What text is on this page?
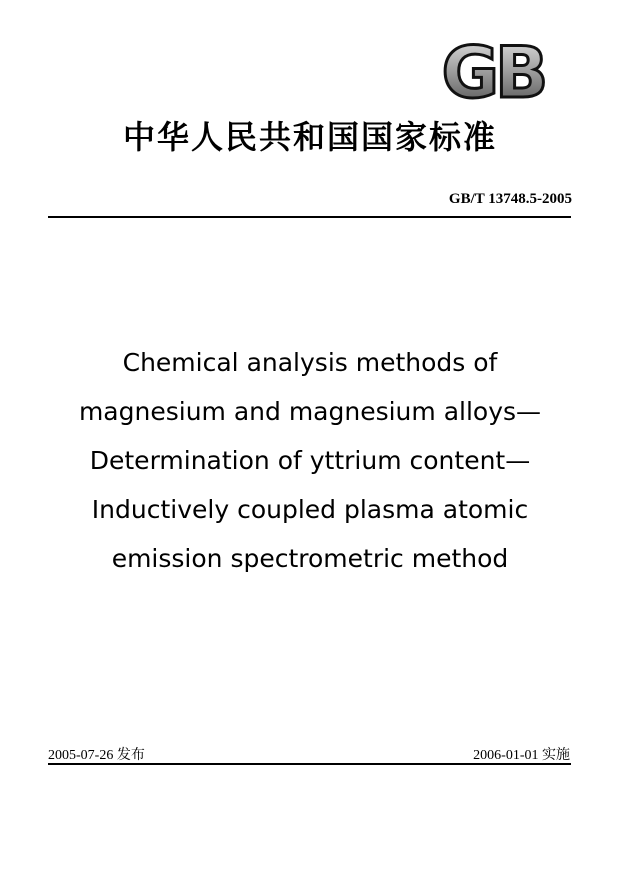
GB
中华人民共和国国家标准
GB/T 13748.5-2005

Chemical analysis methods of

magnesium and magnesium alloys—

Determination of yttrium content—

Inductively coupled plasma atomic

emission spectrometric method

2005-07-26 发布	2006-01-01 实施
